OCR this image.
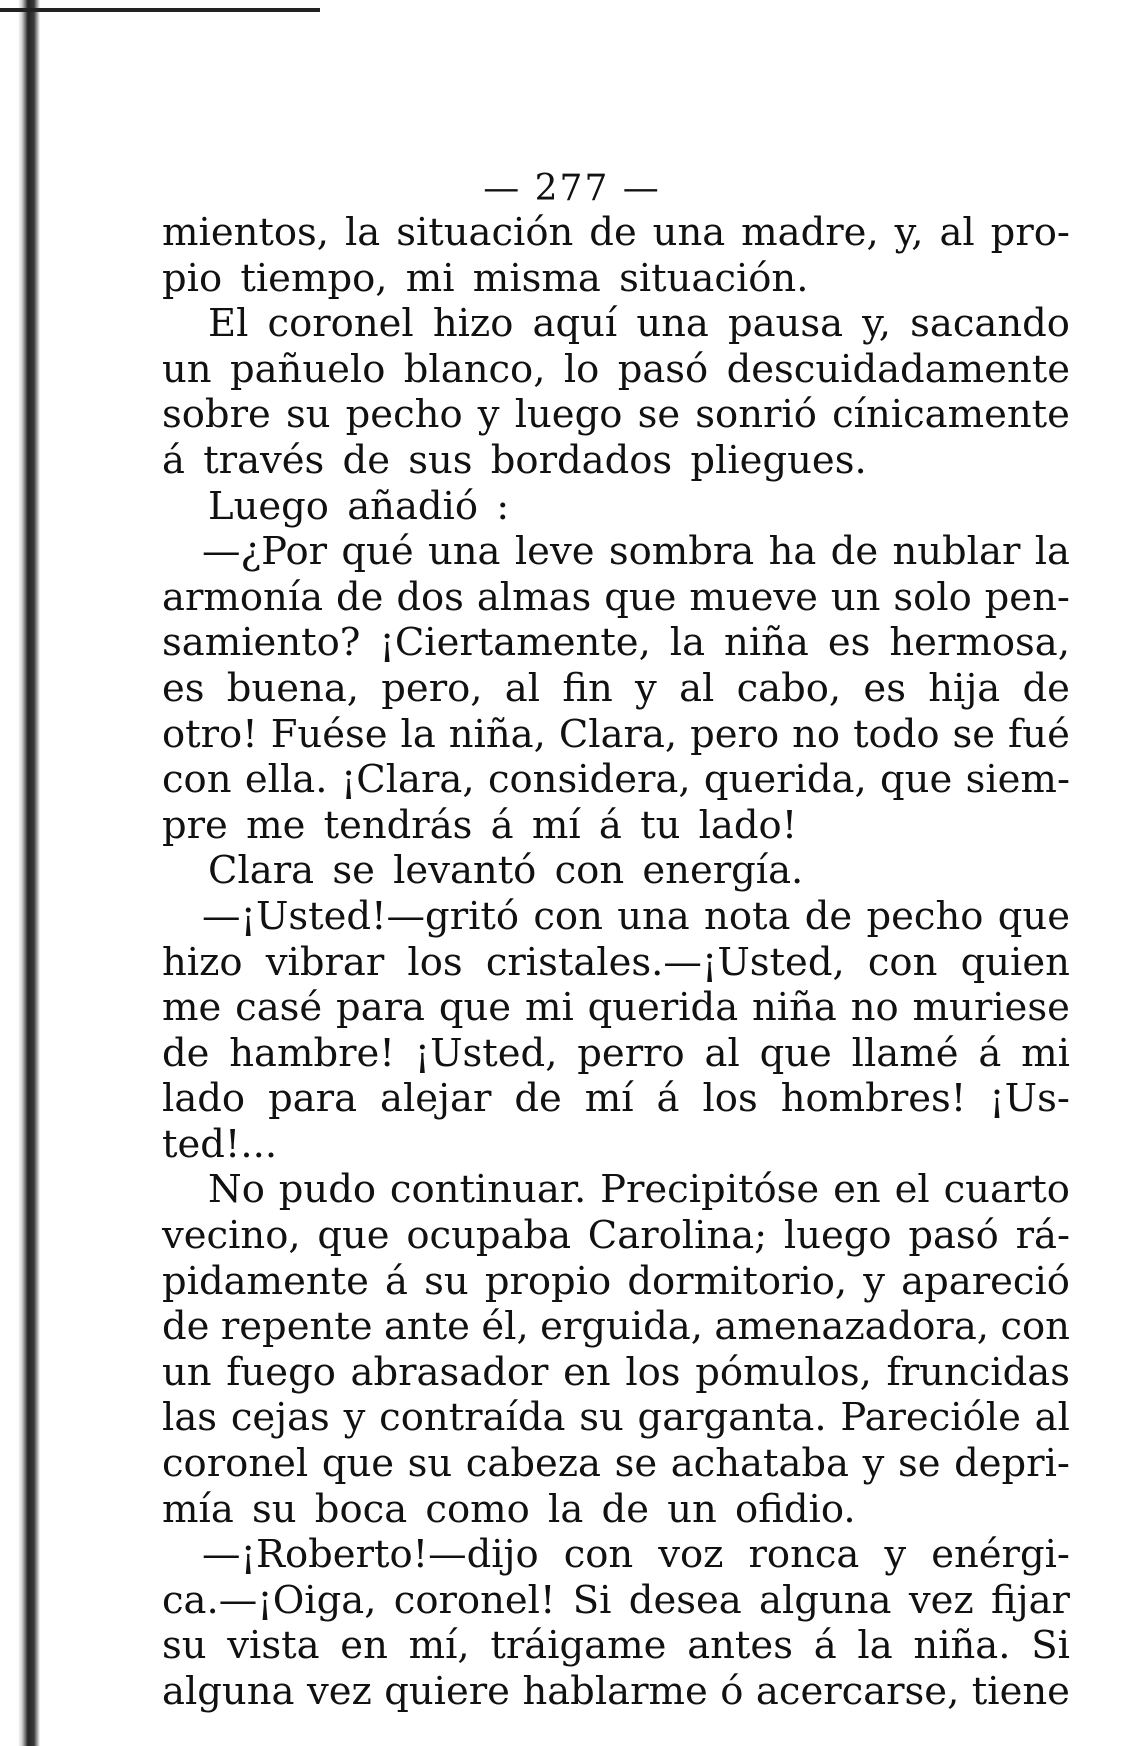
— 277 —
mientos, la situación de una madre, y, al pro-
pio tiempo, mi misma situación.
El coronel hizo aquí una pausa y, sacando
un pañuelo blanco, lo pasó descuidadamente
sobre su pecho y luego se sonrió cínicamente
á través de sus bordados pliegues.
Luego añadió :
—¿Por qué una leve sombra ha de nublar la
armonía de dos almas que mueve un solo pen-
samiento? ¡Ciertamente, la niña es hermosa,
es buena, pero, al fin y al cabo, es hija de
otro! Fuése la niña, Clara, pero no todo se fué
con ella. ¡Clara, considera, querida, que siem-
pre me tendrás á mí á tu lado!
Clara se levantó con energía.
—¡Usted!—gritó con una nota de pecho que
hizo vibrar los cristales.—¡Usted, con quien
me casé para que mi querida niña no muriese
de hambre! ¡Usted, perro al que llamé á mi
lado para alejar de mí á los hombres! ¡Us-
ted!...
No pudo continuar. Precipitóse en el cuarto
vecino, que ocupaba Carolina; luego pasó rá-
pidamente á su propio dormitorio, y apareció
de repente ante él, erguida, amenazadora, con
un fuego abrasador en los pómulos, fruncidas
las cejas y contraída su garganta. Parecióle al
coronel que su cabeza se achataba y se depri-
mía su boca como la de un ofidio.
—¡Roberto!—dijo con voz ronca y enérgi-
ca.—¡Oiga, coronel! Si desea alguna vez fijar
su vista en mí, tráigame antes á la niña. Si
alguna vez quiere hablarme ó acercarse, tiene
